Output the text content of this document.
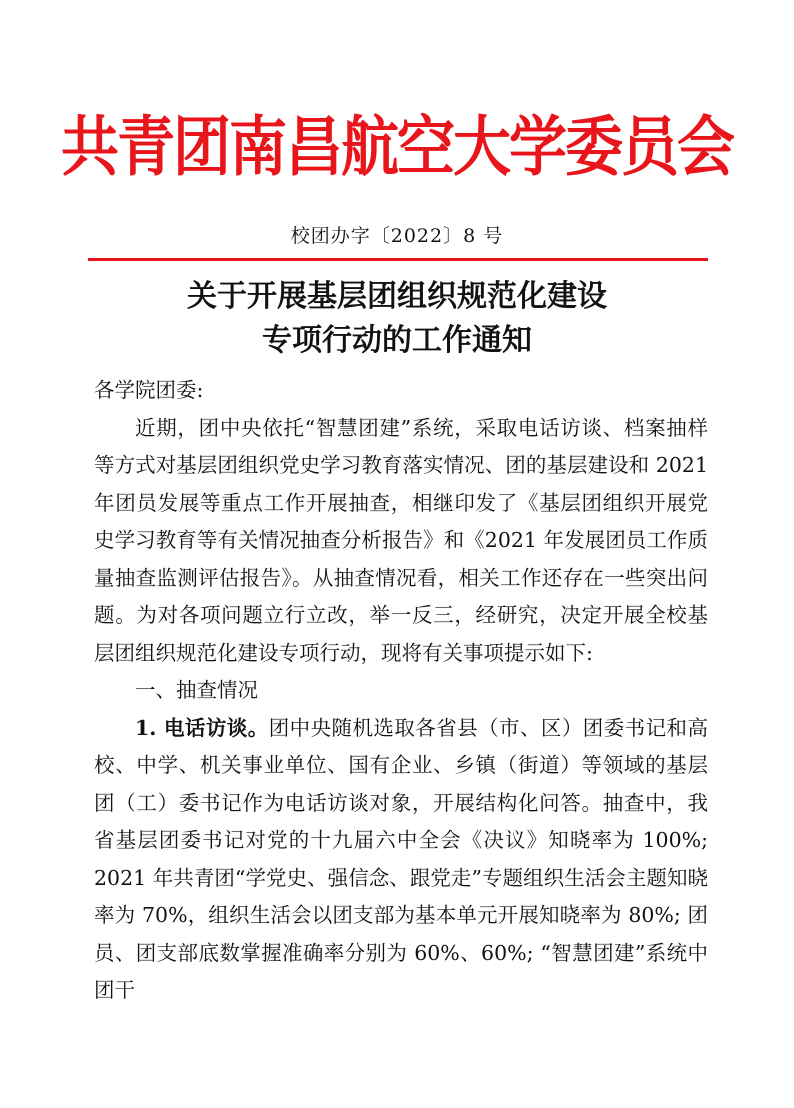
共青团南昌航空大学委员会
校团办字〔2022〕8 号
关于开展基层团组织规范化建设
专项行动的工作通知

各学院团委:

近期，团中央依托“智慧团建”系统，采取电话访谈、档案抽样等方式对基层团组织党史学习教育落实情况、团的基层建设和 2021 年团员发展等重点工作开展抽查，相继印发了《基层团组织开展党史学习教育等有关情况抽查分析报告》和《2021 年发展团员工作质量抽查监测评估报告》。从抽查情况看，相关工作还存在一些突出问题。为对各项问题立行立改，举一反三，经研究，决定开展全校基层团组织规范化建设专项行动，现将有关事项提示如下:

一、抽查情况

1. 电话访谈。团中央随机选取各省县（市、区）团委书记和高校、中学、机关事业单位、国有企业、乡镇（街道）等领域的基层团（工）委书记作为电话访谈对象，开展结构化问答。抽查中，我省基层团委书记对党的十九届六中全会《决议》知晓率为 100%; 2021 年共青团“学党史、强信念、跟党走”专题组织生活会主题知晓率为 70%，组织生活会以团支部为基本单元开展知晓率为 80%; 团员、团支部底数掌握准确率分别为 60%、60%; “智慧团建”系统中团干
